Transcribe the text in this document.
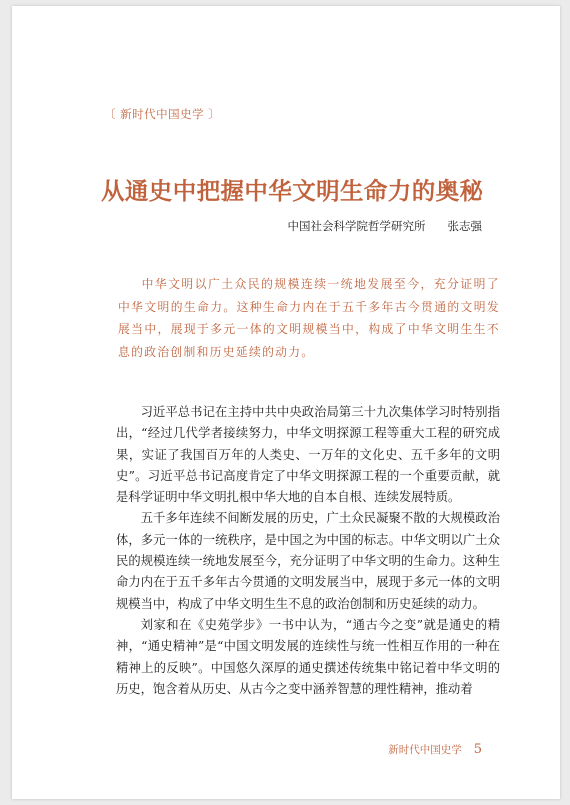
〔 新时代中国史学 〕
从通史中把握中华文明生命力的奥秘
中国社会科学院哲学研究所 张志强

中华文明以广土众民的规模连续一统地发展至今，充分证明了中华文明的生命力。这种生命力内在于五千多年古今贯通的文明发展当中，展现于多元一体的文明规模当中，构成了中华文明生生不息的政治创制和历史延续的动力。

习近平总书记在主持中共中央政治局第三十九次集体学习时特别指出，“经过几代学者接续努力，中华文明探源工程等重大工程的研究成果，实证了我国百万年的人类史、一万年的文化史、五千多年的文明史”。习近平总书记高度肯定了中华文明探源工程的一个重要贡献，就是科学证明中华文明扎根中华大地的自本自根、连续发展特质。

五千多年连续不间断发展的历史，广土众民凝聚不散的大规模政治体，多元一体的一统秩序，是中国之为中国的标志。中华文明以广土众民的规模连续一统地发展至今，充分证明了中华文明的生命力。这种生命力内在于五千多年古今贯通的文明发展当中，展现于多元一体的文明规模当中，构成了中华文明生生不息的政治创制和历史延续的动力。

刘家和在《史苑学步》一书中认为，“通古今之变”就是通史的精神，“通史精神”是“中国文明发展的连续性与统一性相互作用的一种在精神上的反映”。中国悠久深厚的通史撰述传统集中铭记着中华文明的历史，饱含着从历史、从古今之变中涵养智慧的理性精神，推动着

新时代中国史学 5
